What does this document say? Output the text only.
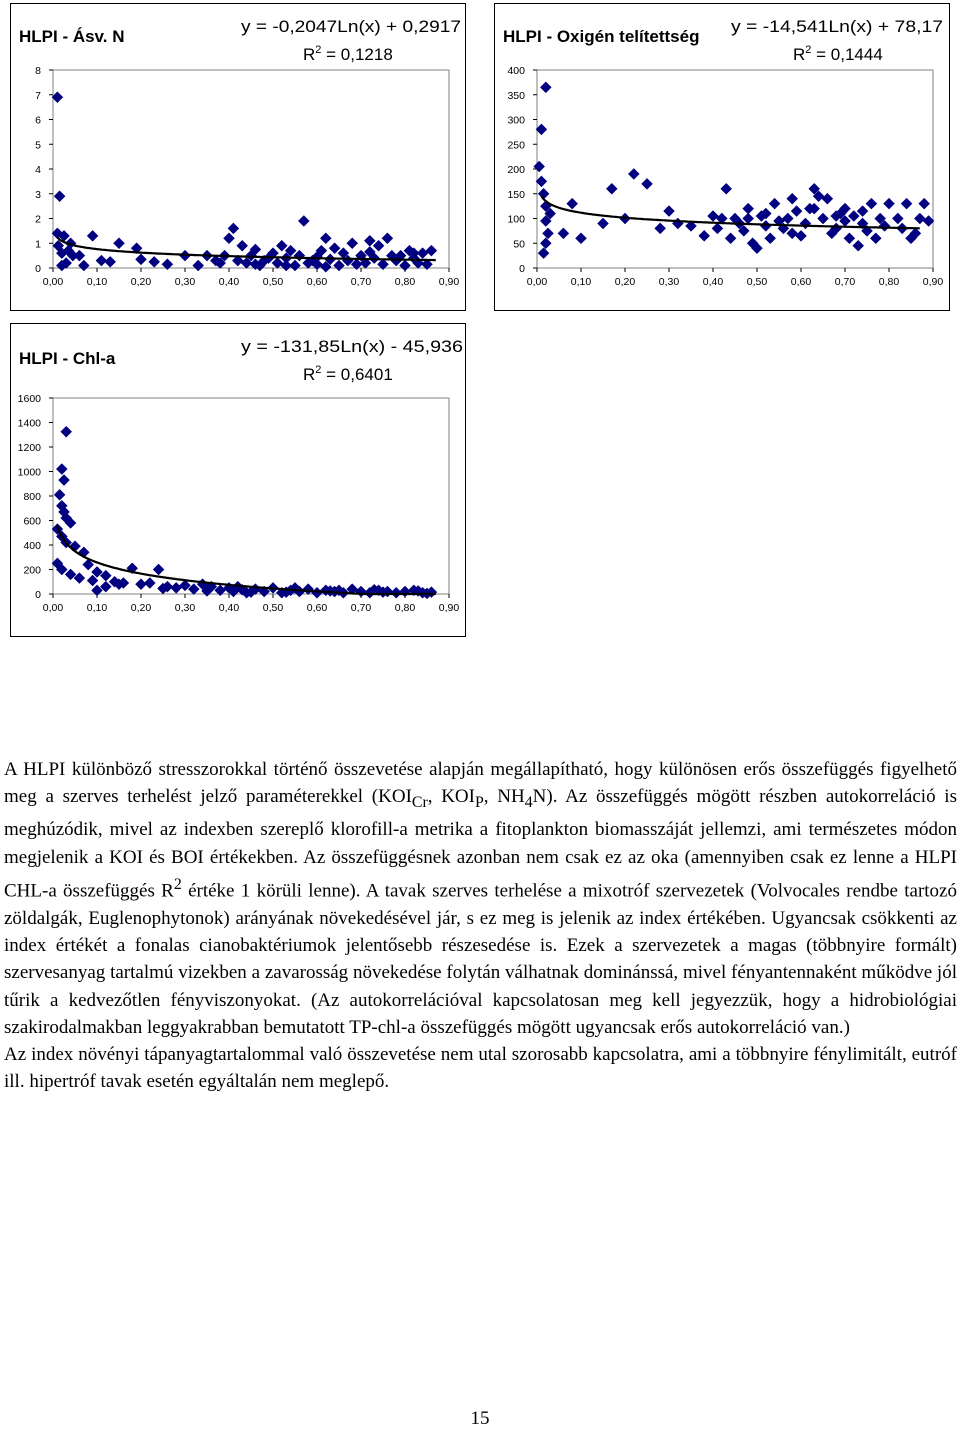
HLPI - Ásv. N
y = -0,2047Ln(x) + 0,2917
$R^2 = 0,1218$
0
1
2
3
4
5
6
7
8
0,00 0,10 0,20 0,30 0,40 0,50 0,60 0,70 0,80 0,90
HLPI - Oxigén telítettség
y = -14,541Ln(x) + 78,17
$R^2 = 0,1444$
0
50
100
150
200
250
300
350
400
0,00 0,10 0,20 0,30 0,40 0,50 0,60 0,70 0,80 0,90
HLPI - Chl-a
y = -131,85Ln(x) - 45,936
$R^2 = 0,6401$
0
200
400
600
800
1000
1200
1400
1600
0,00 0,10 0,20 0,30 0,40 0,50 0,60 0,70 0,80 0,90

A HLPI különböző stresszorokkal történő összevetése alapján megállapítható, hogy különösen erős összefüggés figyelhető meg a szerves terhelést jelző paraméterekkel ($KOI_{Cr}$, $KOI_P$, $NH_4N$). Az összefüggés mögött részben autokorreláció is meghúzódik, mivel az indexben szereplő klorofill-a metrika a fitoplankton biomasszáját jellemzi, ami természetes módon megjelenik a KOI és BOI értékekben. Az összefüggésnek azonban nem csak ez az oka (amennyiben csak ez lenne a HLPI CHL-a összefüggés $R^2$ értéke 1 körüli lenne). A tavak szerves terhelése a mixotróf szervezetek (Volvocales rendbe tartozó zöldalgák, Euglenophytonok) arányának növekedésével jár, s ez meg is jelenik az index értékében. Ugyancsak csökkenti az index értékét a fonalas cianobaktériumok jelentősebb részesedése is. Ezek a szervezetek a magas (többnyire formált) szervesanyag tartalmú vizekben a zavarosság növekedése folytán válhatnak dominánssá, mivel fényantennaként működve jól tűrik a kedvezőtlen fényviszonyokat. (Az autokorrelációval kapcsolatosan meg kell jegyezzük, hogy a hidrobiológiai szakirodalmakban leggyakrabban bemutatott TP-chl-a összefüggés mögött ugyancsak erős autokorreláció van.)

Az index növényi tápanyagtartalommal való összevetése nem utal szorosabb kapcsolatra, ami a többnyire fénylimitált, eutróf ill. hipertróf tavak esetén egyáltalán nem meglepő.

15
